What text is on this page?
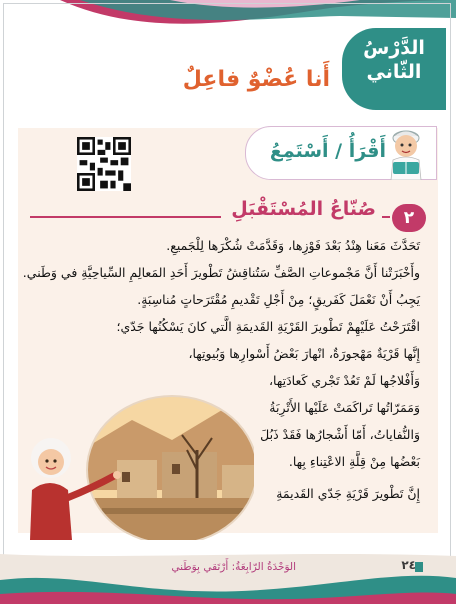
الدَّرْسُ
الثّاني
أَنا عُضْوٌ فاعِلٌ
أَقْرَأُ / أَسْتَمِعُ
صُنّاعُ المُسْتَقْبَلِ	٢
تَحَدَّثَ مَعَنا هِنْدُ بَعْدَ فَوْزِها، وَقَدَّمَتْ شُكْرَها لِلْجَميعِ.
وأَخْبَرَتْنا أَنَّ مَجْموعاتِ الصَّفِّ سَتُناقِشُ تَطْويرَ أَحَدِ المَعالِمِ السِّياحِيَّةِ في وَطَني.
يَجِبُ أَنْ نَعْمَلَ كَفَريقٍ؛ مِنْ أَجْلِ تَقْديمِ مُقْتَرَحاتٍ مُناسِبَةٍ.
اقْتَرَحْتُ عَلَيْهِمْ تَطْويرَ القَرْيَةِ القَديمَةِ الَّتي كانَ يَسْكُنُها جَدّي؛
إِنَّها قَرْيَةٌ مَهْجورَةٌ، انْهارَ بَعْضُ أَسْوارِها وَبُيوتِها،
وَأَفْلاجُها لَمْ تَعُدْ تَجْري كَعادَتِها،
وَمَمَرّاتُها تَراكَمَتْ عَلَيْها الأَتْرِبَةُ
وَالنُّفاياتُ، أَمّا أَشْجارُها فَقَدْ ذَبُلَ
بَعْضُها مِنْ قِلَّةِ الاعْتِناءِ بِها.
إِنَّ تَطْويرَ قَرْيَةِ جَدّي القَديمَةِ
٢٤
الوَحْدَةُ الرّابِعَةُ: أَرْتَقي بِوَطَني
